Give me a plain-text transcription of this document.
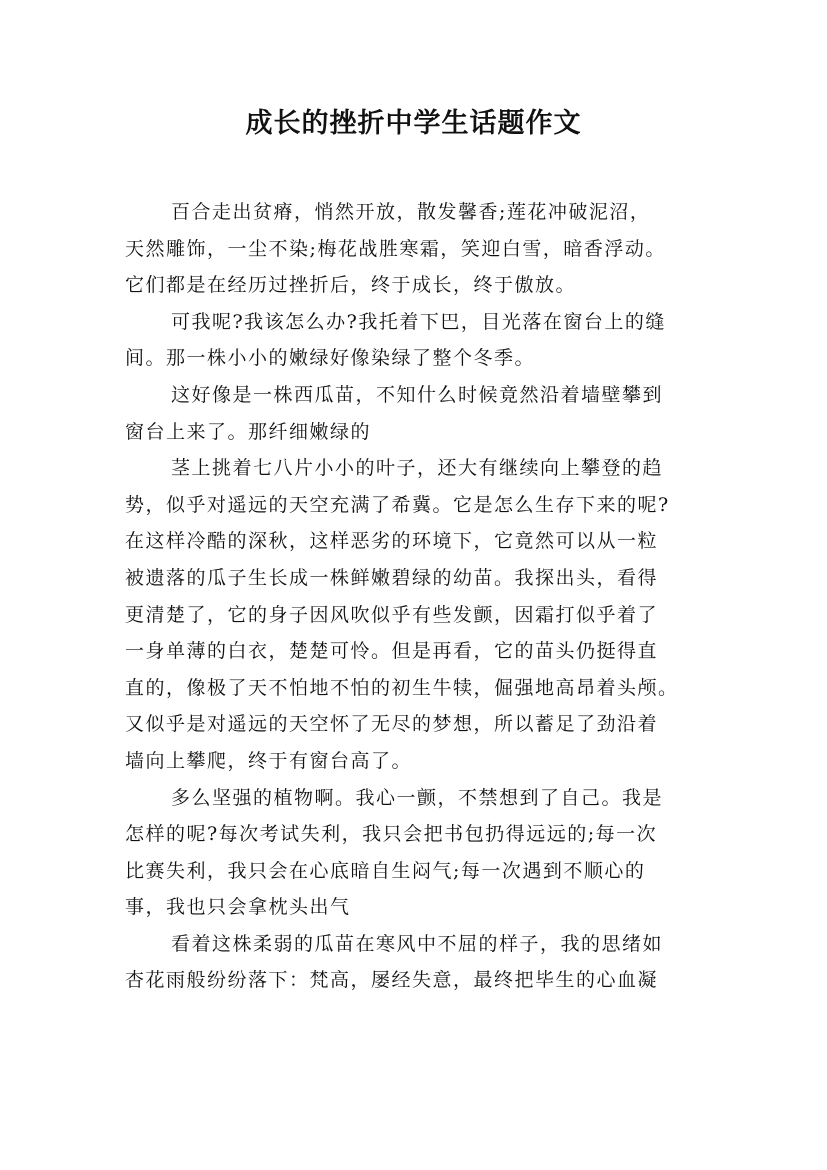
成长的挫折中学生话题作文
百合走出贫瘠，悄然开放，散发馨香;莲花冲破泥沼，
天然雕饰，一尘不染;梅花战胜寒霜，笑迎白雪，暗香浮动。
它们都是在经历过挫折后，终于成长，终于傲放。
可我呢?我该怎么办?我托着下巴，目光落在窗台上的缝
间。那一株小小的嫩绿好像染绿了整个冬季。
这好像是一株西瓜苗，不知什么时候竟然沿着墙壁攀到
窗台上来了。那纤细嫩绿的
茎上挑着七八片小小的叶子，还大有继续向上攀登的趋
势，似乎对遥远的天空充满了希冀。它是怎么生存下来的呢?
在这样冷酷的深秋，这样恶劣的环境下，它竟然可以从一粒
被遗落的瓜子生长成一株鲜嫩碧绿的幼苗。我探出头，看得
更清楚了，它的身子因风吹似乎有些发颤，因霜打似乎着了
一身单薄的白衣，楚楚可怜。但是再看，它的苗头仍挺得直
直的，像极了天不怕地不怕的初生牛犊，倔强地高昂着头颅。
又似乎是对遥远的天空怀了无尽的梦想，所以蓄足了劲沿着
墙向上攀爬，终于有窗台高了。
多么坚强的植物啊。我心一颤，不禁想到了自己。我是
怎样的呢?每次考试失利，我只会把书包扔得远远的;每一次
比赛失利，我只会在心底暗自生闷气;每一次遇到不顺心的
事，我也只会拿枕头出气
看着这株柔弱的瓜苗在寒风中不屈的样子，我的思绪如
杏花雨般纷纷落下：梵高，屡经失意，最终把毕生的心血凝
